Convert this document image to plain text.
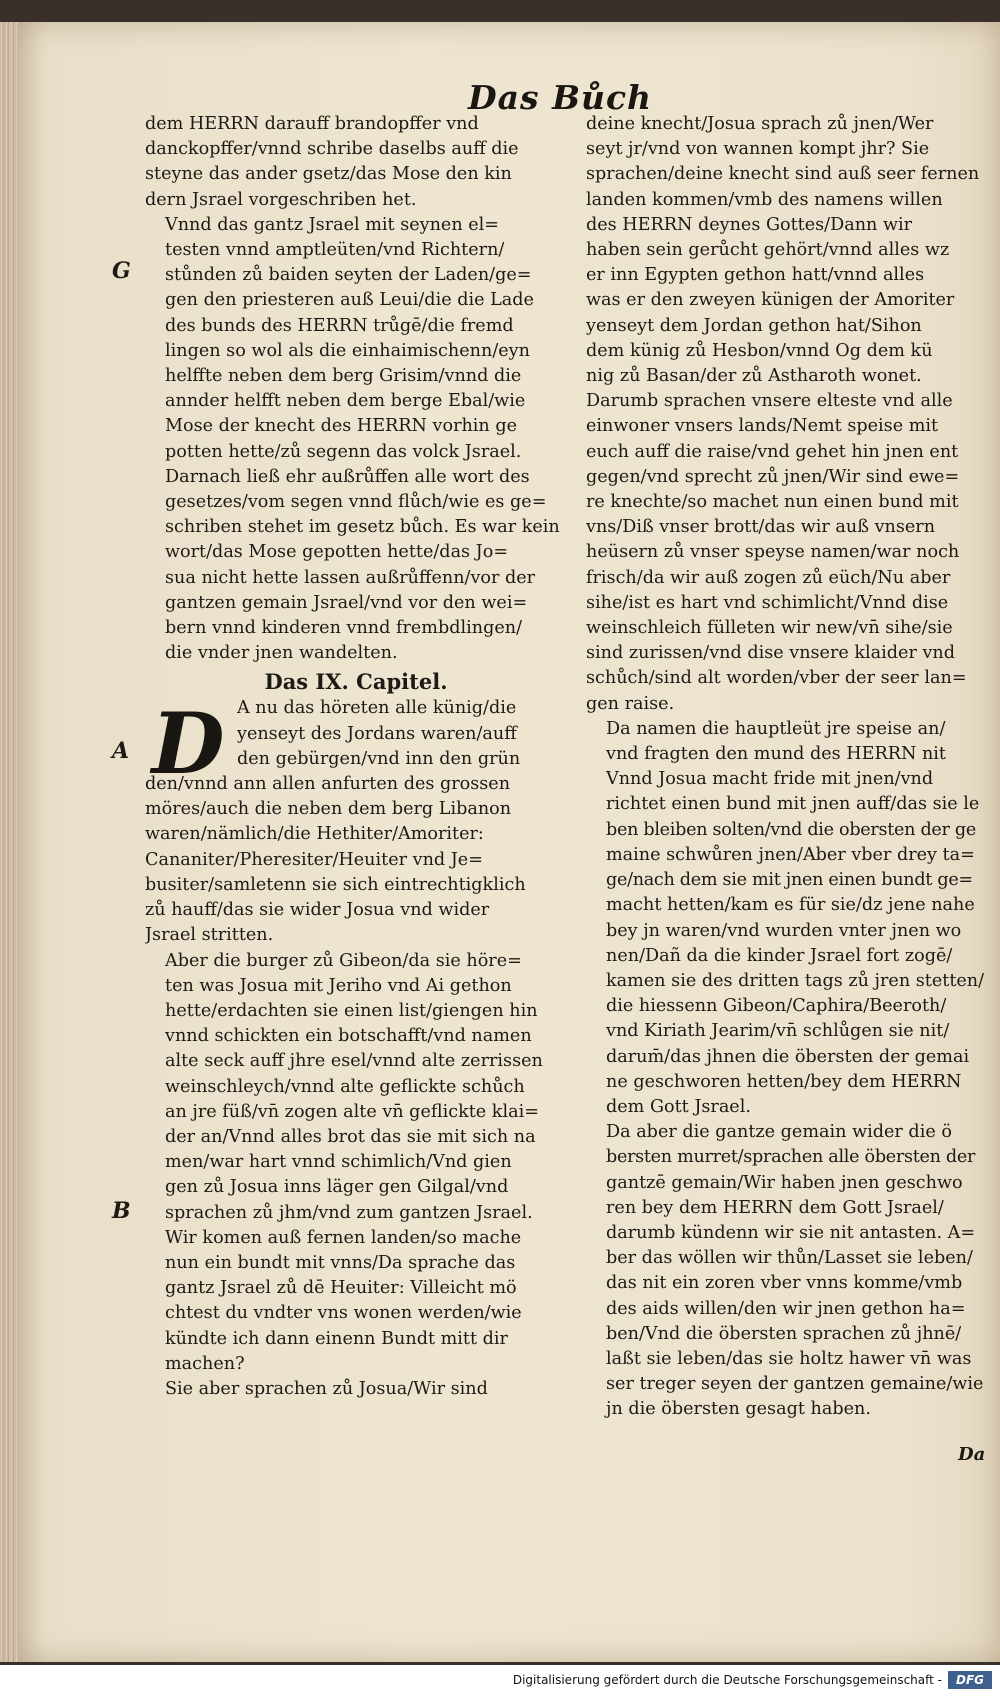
Das Bůch
G
A
B

dem HERRN darauff brandopffer vnd
danckopffer/vnnd schribe daselbs auff die
steyne das ander gsetz/das Mose den kin
dern Jsrael vorgeschriben het.

Vnnd das gantz Jsrael mit seynen el=
testen vnnd amptleüten/vnd Richtern/
stůnden zů baiden seyten der Laden/ge=
gen den priesteren auß Leui/die die Lade
des bunds des HERRN trůgē/die fremd
lingen so wol als die einhaimischenn/eyn
helffte neben dem berg Grisim/vnnd die
annder helfft neben dem berge Ebal/wie
Mose der knecht des HERRN vorhin ge
potten hette/zů segenn das volck Jsrael.
Darnach ließ ehr außrůffen alle wort des
gesetzes/vom segen vnnd flůch/wie es ge=
schriben stehet im gesetz bůch. Es war kein
wort/das Mose gepotten hette/das Jo=
sua nicht hette lassen außrůffenn/vor der
gantzen gemain Jsrael/vnd vor den wei=
bern vnnd kinderen vnnd frembdlingen/
die vnder jnen wandelten.

Das IX. Capitel.
D A nu das höreten alle künig/die
yenseyt des Jordans waren/auff
den gebürgen/vnd inn den grün

den/vnnd ann allen anfurten des grossen
möres/auch die neben dem berg Libanon
waren/nämlich/die Hethiter/Amoriter:
Cananiter/Pheresiter/Heuiter vnd Je=
busiter/samletenn sie sich eintrechtigklich
zů hauff/das sie wider Josua vnd wider
Jsrael stritten.

Aber die burger zů Gibeon/da sie höre=
ten was Josua mit Jeriho vnd Ai gethon
hette/erdachten sie einen list/giengen hin
vnnd schickten ein botschafft/vnd namen
alte seck auff jhre esel/vnnd alte zerrissen
weinschleych/vnnd alte geflickte schůch
an jre füß/vn̄ zogen alte vn̄ geflickte klai=
der an/Vnnd alles brot das sie mit sich na
men/war hart vnnd schimlich/Vnd gien
gen zů Josua inns läger gen Gilgal/vnd
sprachen zů jhm/vnd zum gantzen Jsrael.
Wir komen auß fernen landen/so mache
nun ein bundt mit vnns/Da sprache das
gantz Jsrael zů dē Heuiter: Villeicht mö
chtest du vndter vns wonen werden/wie
kündte ich dann einenn Bundt mitt dir
machen?

Sie aber sprachen zů Josua/Wir sind

deine knecht/Josua sprach zů jnen/Wer
seyt jr/vnd von wannen kompt jhr? Sie
sprachen/deine knecht sind auß seer fernen
landen kommen/vmb des namens willen
des HERRN deynes Gottes/Dann wir
haben sein gerůcht gehört/vnnd alles wz
er inn Egypten gethon hatt/vnnd alles
was er den zweyen künigen der Amoriter
yenseyt dem Jordan gethon hat/Sihon
dem künig zů Hesbon/vnnd Og dem kü
nig zů Basan/der zů Astharoth wonet.
Darumb sprachen vnsere elteste vnd alle
einwoner vnsers lands/Nemt speise mit
euch auff die raise/vnd gehet hin jnen ent
gegen/vnd sprecht zů jnen/Wir sind ewe=
re knechte/so machet nun einen bund mit
vns/Diß vnser brott/das wir auß vnsern
heüsern zů vnser speyse namen/war noch
frisch/da wir auß zogen zů eüch/Nu aber
sihe/ist es hart vnd schimlicht/Vnnd dise
weinschleich fülleten wir new/vn̄ sihe/sie
sind zurissen/vnd dise vnsere klaider vnd
schůch/sind alt worden/vber der seer lan=
gen raise.

Da namen die hauptleüt jre speise an/
vnd fragten den mund des HERRN nit
Vnnd Josua macht fride mit jnen/vnd
richtet einen bund mit jnen auff/das sie le
ben bleiben solten/vnd die obersten der ge
maine schwůren jnen/Aber vber drey ta=
ge/nach dem sie mit jnen einen bundt ge=
macht hetten/kam es für sie/dz jene nahe
bey jn waren/vnd wurden vnter jnen wo
nen/Dañ da die kinder Jsrael fort zogē/
kamen sie des dritten tags zů jren stetten/
die hiessenn Gibeon/Caphira/Beeroth/
vnd Kiriath Jearim/vn̄ schlůgen sie nit/
darum̄/das jhnen die öbersten der gemai
ne geschworen hetten/bey dem HERRN
dem Gott Jsrael.

Da aber die gantze gemain wider die ö
bersten murret/sprachen alle öbersten der
gantzē gemain/Wir haben jnen geschwo
ren bey dem HERRN dem Gott Jsrael/
darumb kündenn wir sie nit antasten. A=
ber das wöllen wir thůn/Lasset sie leben/
das nit ein zoren vber vnns komme/vmb
des aids willen/den wir jnen gethon ha=
ben/Vnd die öbersten sprachen zů jhnē/
laßt sie leben/das sie holtz hawer vn̄ was
ser treger seyen der gantzen gemaine/wie
jn die öbersten gesagt haben.

Da
Digitalisierung gefördert durch die Deutsche Forschungsgemeinschaft -	DFG
